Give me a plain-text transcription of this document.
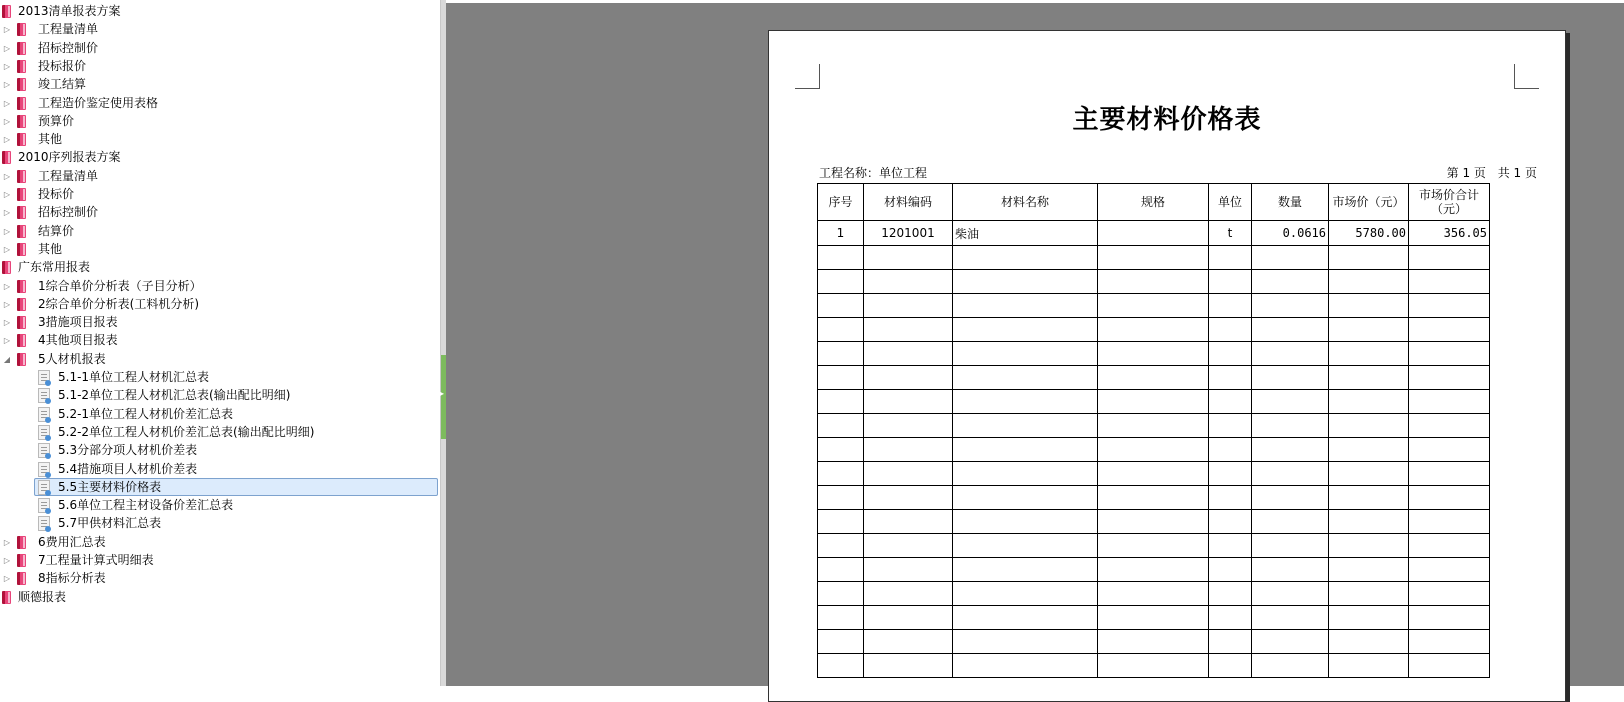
2013清单报表方案
▷ 工程量清单
▷ 招标控制价
▷ 投标报价
▷ 竣工结算
▷ 工程造价鉴定使用表格
▷ 预算价
▷ 其他
2010序列报表方案
▷ 工程量清单
▷ 投标价
▷ 招标控制价
▷ 结算价
▷ 其他
广东常用报表
▷ 1综合单价分析表（子目分析）
▷ 2综合单价分析表(工料机分析)
▷ 3措施项目报表
▷ 4其他项目报表
◢ 5人材机报表
5.1-1单位工程人材机汇总表
5.1-2单位工程人材机汇总表(输出配比明细)
5.2-1单位工程人材机价差汇总表
5.2-2单位工程人材机价差汇总表(输出配比明细)
5.3分部分项人材机价差表
5.4措施项目人材机价差表
5.5主要材料价格表
5.6单位工程主材设备价差汇总表
5.7甲供材料汇总表
▷ 6费用汇总表
▷ 7工程量计算式明细表
▷ 8指标分析表
顺德报表
▸
主要材料价格表
工程名称：单位工程	第 1 页 共 1 页
序号	材料编码	材料名称	规格	单位	数量	市场价（元）	市场价合计（元）
1	1201001	柴油		t	0.0616	5780.00	356.05
